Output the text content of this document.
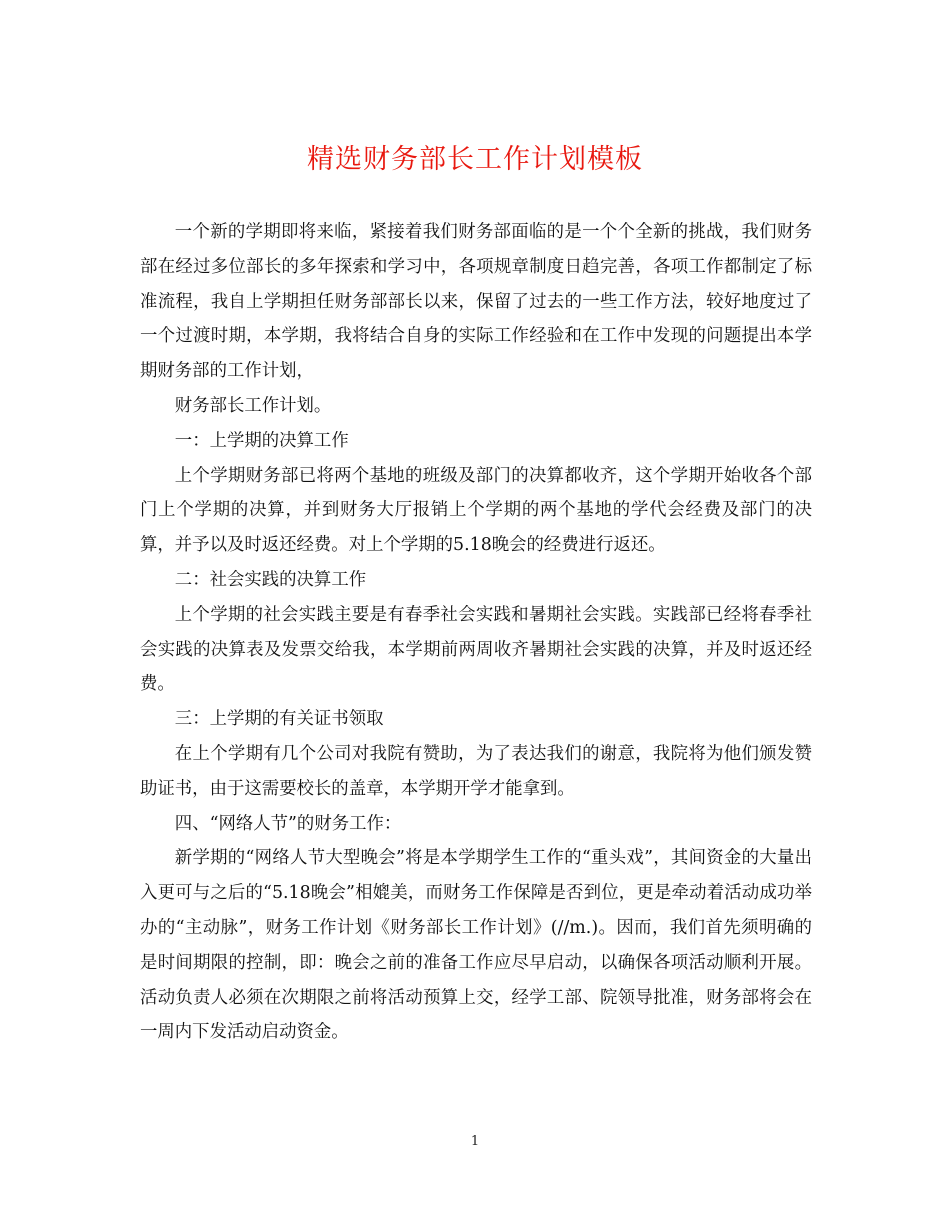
精选财务部长工作计划模板

一个新的学期即将来临，紧接着我们财务部面临的是一个个全新的挑战，我们财务部在经过多位部长的多年探索和学习中，各项规章制度日趋完善，各项工作都制定了标准流程，我自上学期担任财务部部长以来，保留了过去的一些工作方法，较好地度过了一个过渡时期，本学期，我将结合自身的实际工作经验和在工作中发现的问题提出本学期财务部的工作计划，

财务部长工作计划。

一：上学期的决算工作

上个学期财务部已将两个基地的班级及部门的决算都收齐，这个学期开始收各个部门上个学期的决算，并到财务大厅报销上个学期的两个基地的学代会经费及部门的决算，并予以及时返还经费。对上个学期的5.18晚会的经费进行返还。

二：社会实践的决算工作

上个学期的社会实践主要是有春季社会实践和暑期社会实践。实践部已经将春季社会实践的决算表及发票交给我，本学期前两周收齐暑期社会实践的决算，并及时返还经费。

三：上学期的有关证书领取

在上个学期有几个公司对我院有赞助，为了表达我们的谢意，我院将为他们颁发赞助证书，由于这需要校长的盖章，本学期开学才能拿到。

四、“网络人节”的财务工作：

新学期的“网络人节大型晚会”将是本学期学生工作的“重头戏”，其间资金的大量出入更可与之后的“5.18晚会”相媲美，而财务工作保障是否到位，更是牵动着活动成功举办的“主动脉”，财务工作计划《财务部长工作计划》(//m.)。因而，我们首先须明确的是时间期限的控制，即：晚会之前的准备工作应尽早启动，以确保各项活动顺利开展。活动负责人必须在次期限之前将活动预算上交，经学工部、院领导批准，财务部将会在一周内下发活动启动资金。

1
